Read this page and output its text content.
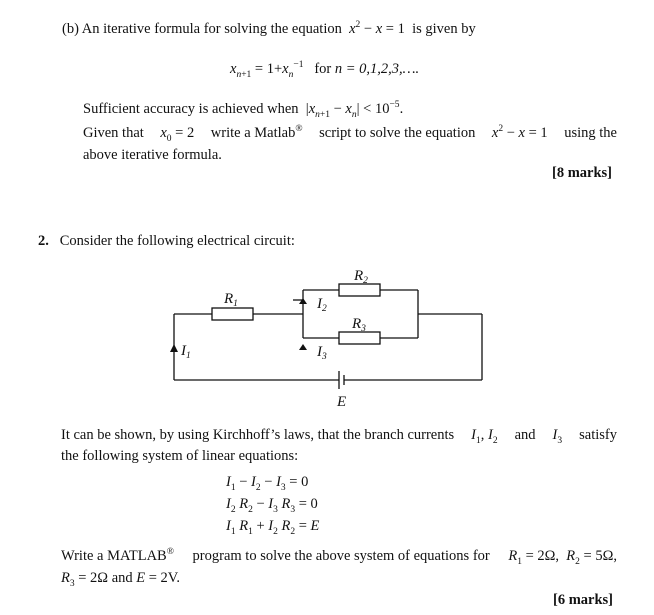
(b) An iterative formula for solving the equation $x^2 - x = 1$  is given by
$x_{n+1} = 1+x_n^{-1}$ for n = 0,1,2,3,….
Sufficient accuracy is achieved when  $|x_{n+1} - x_n| < 10^{-5}$.
Given that $x_0 = 2$ write a Matlab® script to solve the equation $x^2 - x = 1$ using the
above iterative formula.
[8 marks]
2. Consider the following electrical circuit:
$R_1$
$R_2$
$R_3$
$I_1$
$I_2$
$I_3$
E
It can be shown, by using Kirchhoff’s laws, that the branch currents $I_1$, $I_2$ and $I_3$ satisfy
the following system of linear equations:
$I_1 - I_2 - I_3 = 0$
$I_2$ $R_2 - I_3$ $R_3 = 0$
$I_1$ $R_1 + I_2$ $R_2 = E$
Write a MATLAB® program to solve the above system of equations for $R_1 = 2\Omega$,  $R_2 = 5\Omega$,
$R_3 = 2\Omega$ and E = 2V.
[6 marks]
